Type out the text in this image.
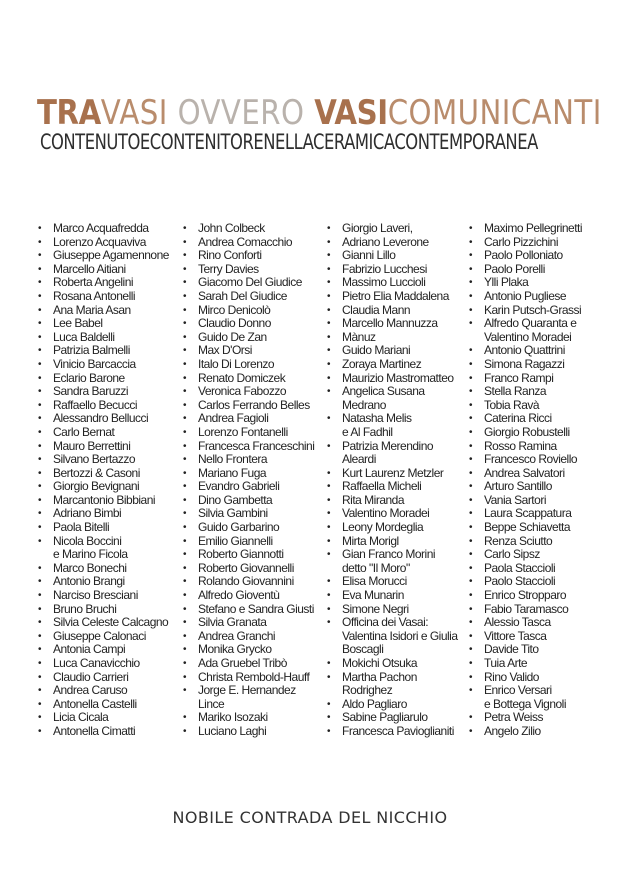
TRAVASI OVVERO VASICOMUNICANTI
CONTENUTOECONTENITORENELLACERAMICACONTEMPORANEA
• Marco Acquafredda
• Lorenzo Acquaviva
• Giuseppe Agamennone
• Marcello Aitiani
• Roberta Angelini
• Rosana Antonelli
• Ana Maria Asan
• Lee Babel
• Luca Baldelli
• Patrizia Balmelli
• Vinicio Barcaccia
• Eclario Barone
• Sandra Baruzzi
• Raffaello Becucci
• Alessandro Bellucci
• Carlo Bernat
• Mauro Berrettini
• Silvano Bertazzo
• Bertozzi & Casoni
• Giorgio Bevignani
• Marcantonio Bibbiani
• Adriano Bimbi
• Paola Bitelli
• Nicola Boccini
e Marino Ficola
• Marco Bonechi
• Antonio Brangi
• Narciso Bresciani
• Bruno Bruchi
• Silvia Celeste Calcagno
• Giuseppe Calonaci
• Antonia Campi
• Luca Canavicchio
• Claudio Carrieri
• Andrea Caruso
• Antonella Castelli
• Licia Cicala
• Antonella Cimatti
• John Colbeck
• Andrea Comacchio
• Rino Conforti
• Terry Davies
• Giacomo Del Giudice
• Sarah Del Giudice
• Mirco Denicolò
• Claudio Donno
• Guido De Zan
• Max D'Orsi
• Italo Di Lorenzo
• Renato Domiczek
• Veronica Fabozzo
• Carlos Ferrando Belles
• Andrea Fagioli
• Lorenzo Fontanelli
• Francesca Franceschini
• Nello Frontera
• Mariano Fuga
• Evandro Gabrieli
• Dino Gambetta
• Silvia Gambini
• Guido Garbarino
• Emilio Giannelli
• Roberto Giannotti
• Roberto Giovannelli
• Rolando Giovannini
• Alfredo Gioventù
• Stefano e Sandra Giusti
• Silvia Granata
• Andrea Granchi
• Monika Grycko
• Ada Gruebel Tribò
• Christa Rembold-Hauff
• Jorge E. Hernandez
Lince
• Mariko Isozaki
• Luciano Laghi
• Giorgio Laveri,
• Adriano Leverone
• Gianni Lillo
• Fabrizio Lucchesi
• Massimo Luccioli
• Pietro Elia Maddalena
• Claudia Mann
• Marcello Mannuzza
• Mànuz
• Guido Mariani
• Zoraya Martinez
• Maurizio Mastromatteo
• Angelica Susana
Medrano
• Natasha Melis
e Al Fadhil
• Patrizia Merendino
Aleardi
• Kurt Laurenz Metzler
• Raffaella Micheli
• Rita Miranda
• Valentino Moradei
• Leony Mordeglia
• Mirta Morigl
• Gian Franco Morini
detto "Il Moro"
• Elisa Morucci
• Eva Munarin
• Simone Negri
• Officina dei Vasai:
Valentina Isidori e Giulia
Boscagli
• Mokichi Otsuka
• Martha Pachon
Rodrighez
• Aldo Pagliaro
• Sabine Pagliarulo
• Francesca Pavioglianiti
• Maximo Pellegrinetti
• Carlo Pizzichini
• Paolo Polloniato
• Paolo Porelli
• Ylli Plaka
• Antonio Pugliese
• Karin Putsch-Grassi
• Alfredo Quaranta e
Valentino Moradei
• Antonio Quattrini
• Simona Ragazzi
• Franco Rampi
• Stella Ranza
• Tobia Ravà
• Caterina Ricci
• Giorgio Robustelli
• Rosso Ramina
• Francesco Roviello
• Andrea Salvatori
• Arturo Santillo
• Vania Sartori
• Laura Scappatura
• Beppe Schiavetta
• Renza Sciutto
• Carlo Sipsz
• Paola Staccioli
• Paolo Staccioli
• Enrico Stropparo
• Fabio Taramasco
• Alessio Tasca
• Vittore Tasca
• Davide Tito
• Tuia Arte
• Rino Valido
• Enrico Versari
e Bottega Vignoli
• Petra Weiss
• Angelo Zilio
NOBILE CONTRADA DEL NICCHIO
